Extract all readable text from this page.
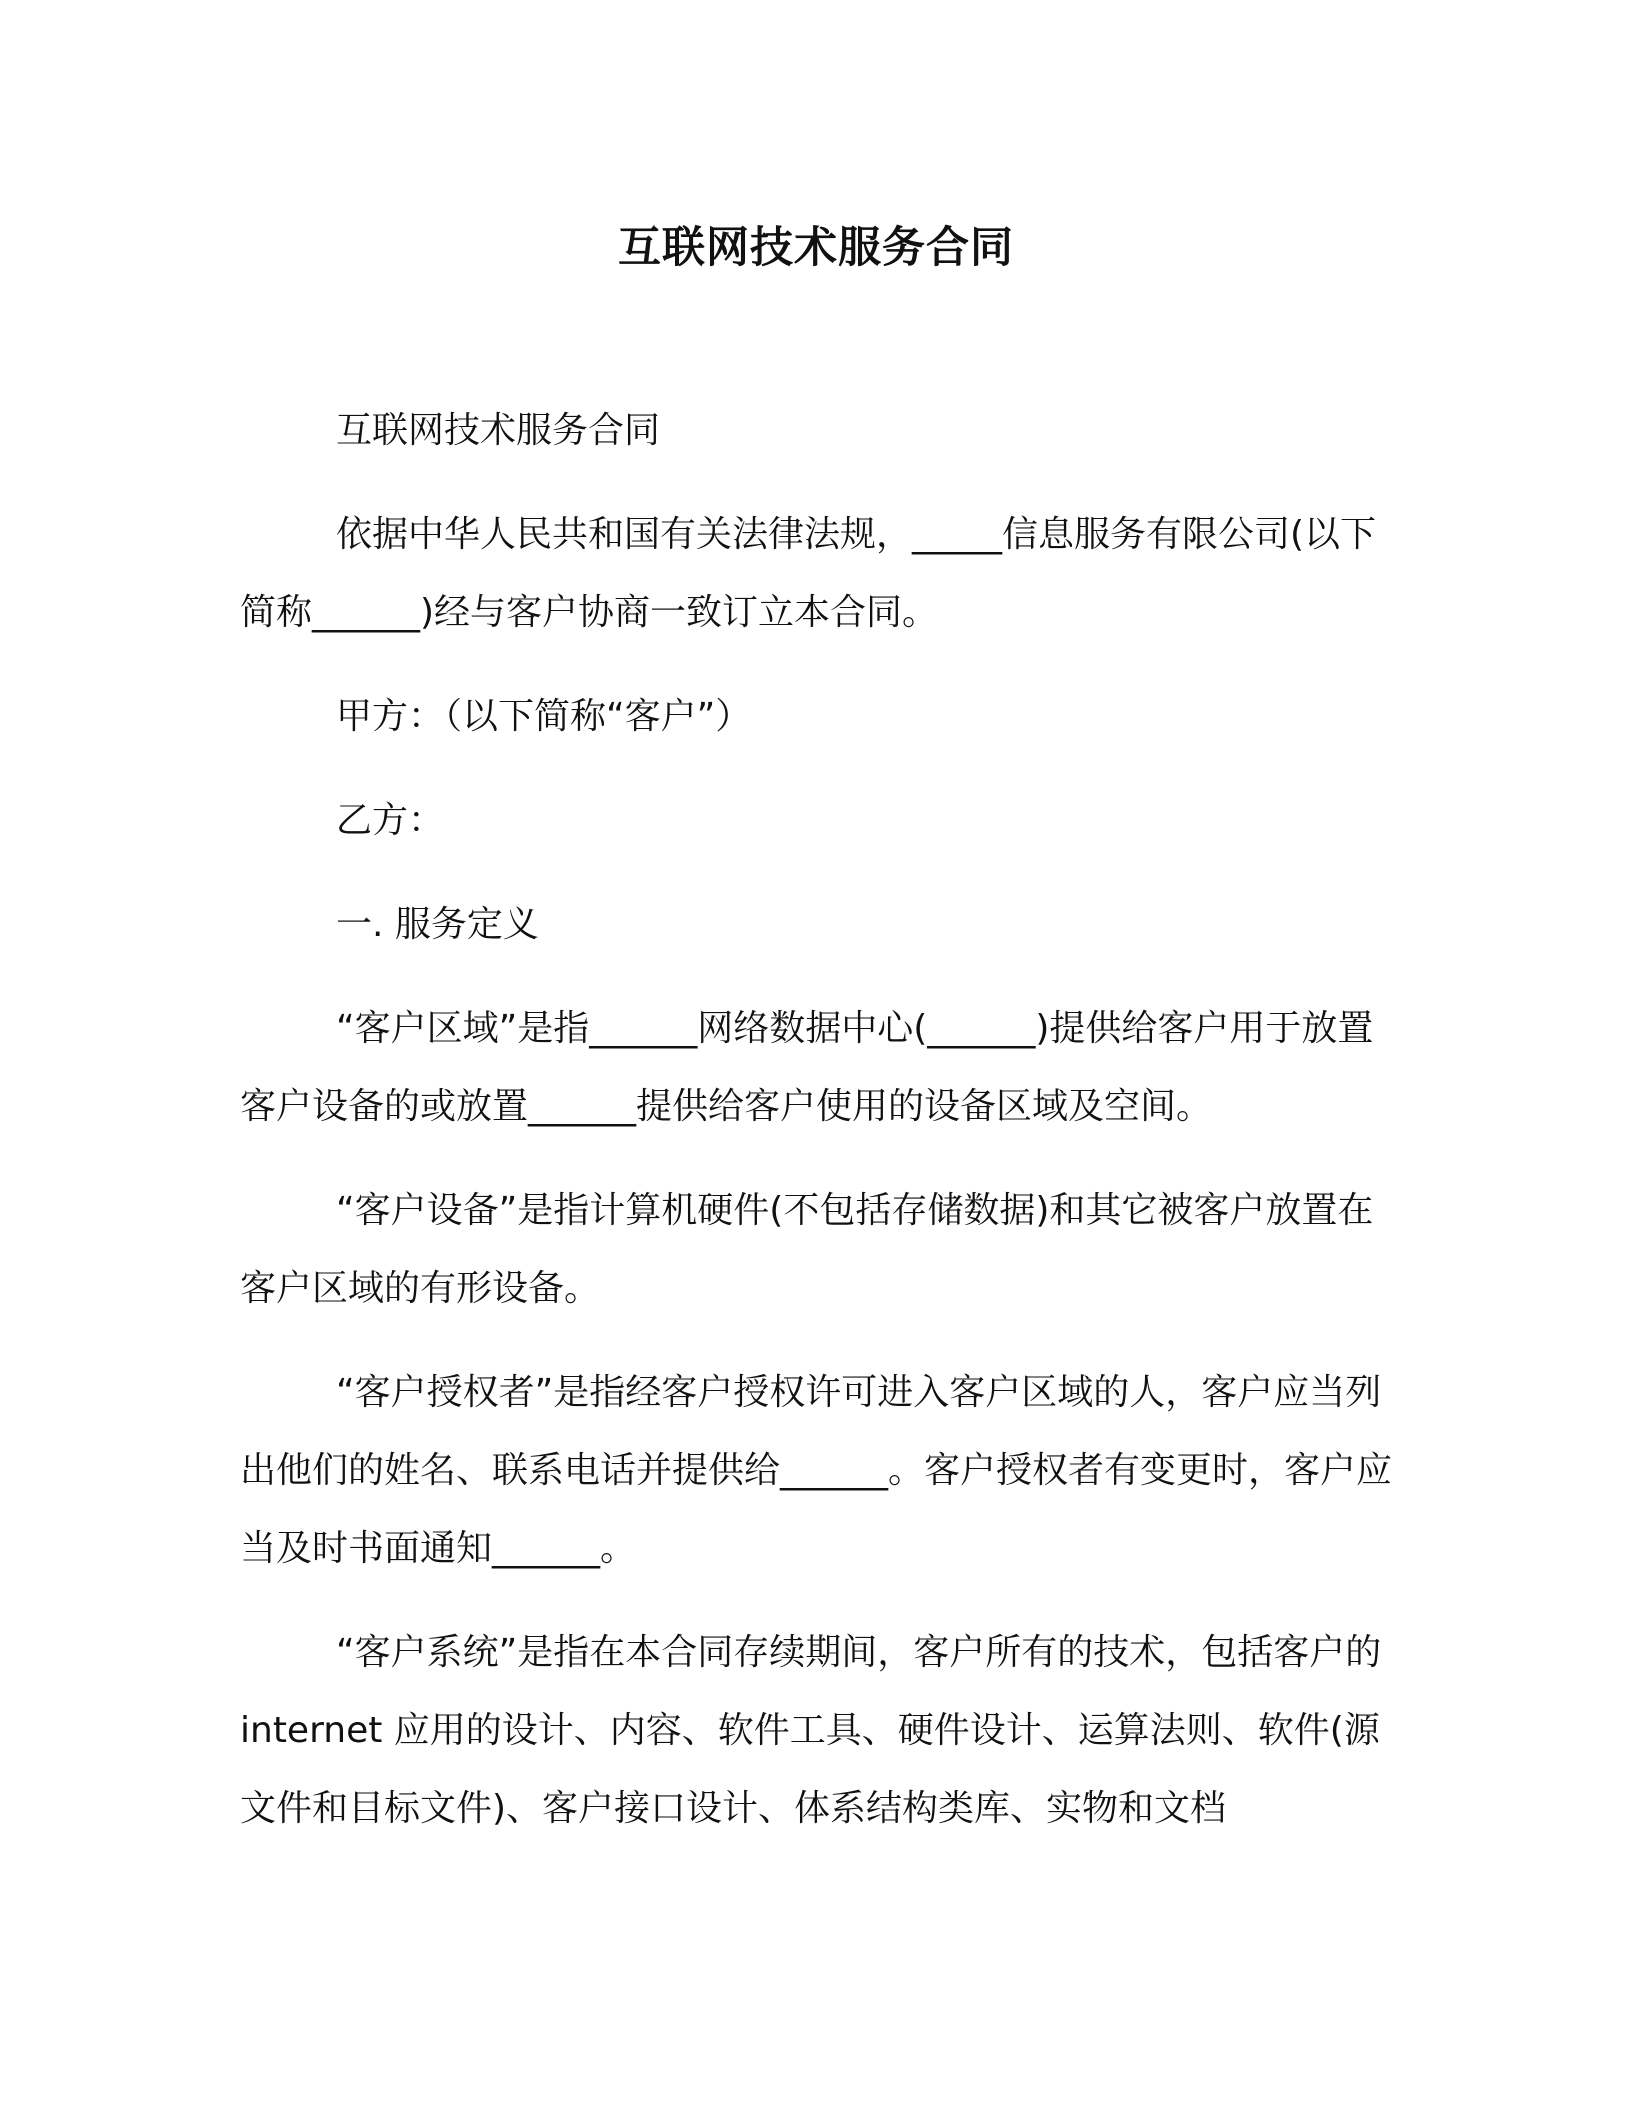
互联网技术服务合同

互联网技术服务合同

依据中华人民共和国有关法律法规，_____信息服务有限公司(以下简称______)经与客户协商一致订立本合同。

甲方：（以下简称“客户”）

乙方：

一. 服务定义

“客户区域”是指______网络数据中心(______)提供给客户用于放置客户设备的或放置______提供给客户使用的设备区域及空间。

“客户设备”是指计算机硬件(不包括存储数据)和其它被客户放置在客户区域的有形设备。

“客户授权者”是指经客户授权许可进入客户区域的人，客户应当列出他们的姓名、联系电话并提供给______。客户授权者有变更时，客户应当及时书面通知______。

“客户系统”是指在本合同存续期间，客户所有的技术，包括客户的 internet 应用的设计、内容、软件工具、硬件设计、运算法则、软件(源文件和目标文件)、客户接口设计、体系结构类库、实物和文档
